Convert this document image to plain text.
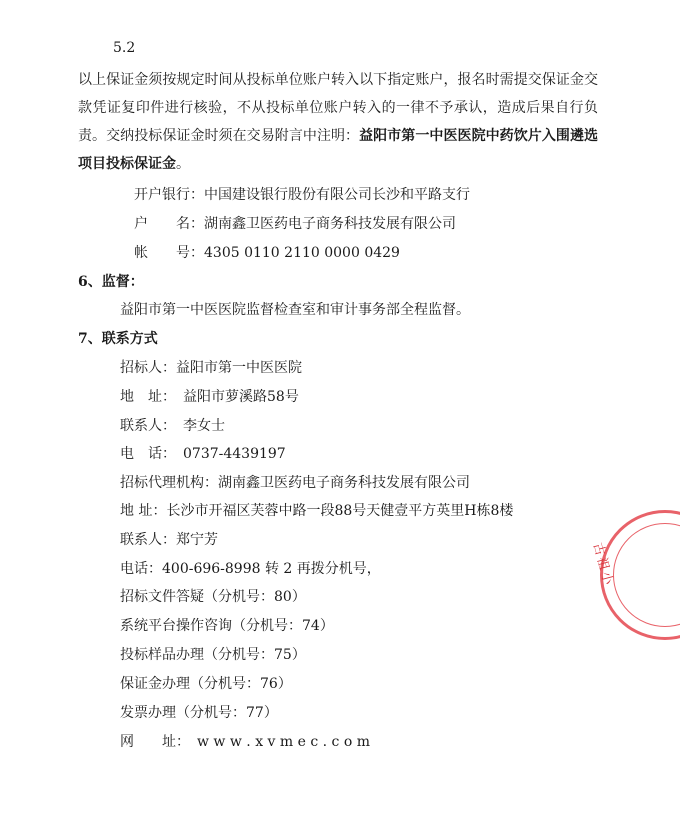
5.2
以上保证金须按规定时间从投标单位账户转入以下指定账户，报名时需提交保证金交款凭证复印件进行核验，不从投标单位账户转入的一律不予承认，造成后果自行负责。交纳投标保证金时须在交易附言中注明：益阳市第一中医医院中药饮片入围遴选项目投标保证金。
开户银行：中国建设银行股份有限公司长沙和平路支行
户　　名：湖南鑫卫医药电子商务科技发展有限公司
帐　　号：4305 0110 2110 0000 0429
6、监督：
益阳市第一中医医院监督检查室和审计事务部全程监督。
7、联系方式
招标人：益阳市第一中医医院
地　址：　益阳市萝溪路58号
联系人：　李女士
电　话：　0737-4439197
招标代理机构：湖南鑫卫医药电子商务科技发展有限公司
地 址：长沙市开福区芙蓉中路一段88号天健壹平方英里H栋8楼
联系人：郑宁芳
电话：400-696-8998 转 2 再拨分机号，
招标文件答疑（分机号：80）
系统平台操作咨询（分机号：74）
投标样品办理（分机号：75）
保证金办理（分机号：76）
发票办理（分机号：77）
网　　址：　w w w . x v m e c . c o m
古祖小
